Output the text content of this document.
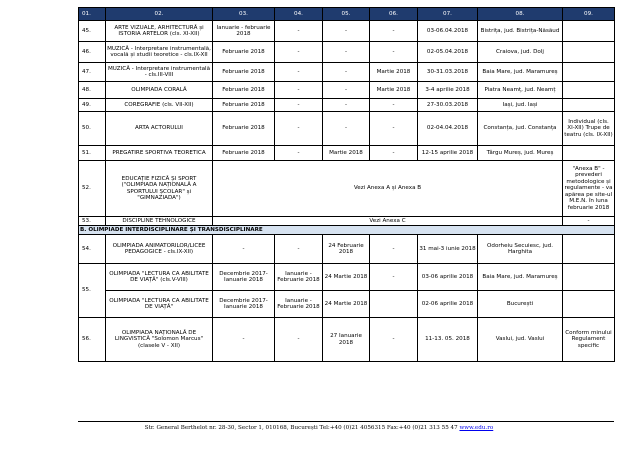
01.	02.	03.	04.	05.	06.	07.	08.	09.
45.	ARTE VIZUALE, ARHITECTURĂ și ISTORIA ARTELOR (cls. XI-XII)	Ianuarie - februarie 2018	-	-	-	03-06.04.2018	Bistrița, jud. Bistrița-Năsăud	
46.	MUZICĂ - Interpretare instrumentală, vocală și studii teoretice - cls.IX-XII	Februarie 2018	-	-	-	02-05.04.2018	Craiova, jud. Dolj	
47.	MUZICĂ - Interpretare instrumentală - cls.III-VIII	Februarie 2018	-	-	Martie 2018	30-31.03.2018	Baia Mare, jud. Maramureș	
48.	OLIMPIADA CORALĂ	Februarie 2018	-	-	Martie 2018	3-4 aprilie 2018	Piatra Neamț, jud. Neamț	
49.	COREGRAFIE (cls. VII-XII)	Februarie 2018	-	-	-	27-30.03.2018	Iași, jud. Iași	
50.	ARTA ACTORULUI	Februarie 2018	-	-	-	02-04.04.2018	Constanța, jud. Constanța	Individual (cls. XI-XII) Trupe de teatru (cls. IX-XII)
51.	PREGATIRE SPORTIVA TEORETICA	Februarie 2018	-	Martie 2018	-	12-15 aprilie 2018	Târgu Mureș, jud. Mureș	
52.	EDUCAȚIE FIZICĂ ȘI SPORT ("OLIMPIADA NAȚIONALĂ A SPORTULUI ȘCOLAR" și "GIMNAZIADA")	Vezi Anexa A și Anexa B						"Anexa B" - prevederi metodologice și regulamente - va apărea pe site-ul M.E.N. în luna februarie 2018
53.	DISCIPLINE TEHNOLOGICE	Vezi Anexa C						-
B. OLIMPIADE INTERDISCIPLINARE ȘI TRANSDISCIPLINARE								
54.	OLIMPIADA ANIMATORILOR/LICEE PEDAGOGICE - cls.IX-XII)	-	-	24 Februarie 2018	-	31 mai-3 iunie 2018	Odorheiu Secuiesc, jud. Harghita	
55.	OLIMPIADA "LECTURA CA ABILITATE DE VIAȚĂ" (cls.V-VIII)	Decembrie 2017-Ianuarie 2018	Ianuarie - Februarie 2018	24 Martie 2018	-	03-06 aprilie 2018	Baia Mare, jud. Maramureș	
	OLIMPIADA "LECTURA CA ABILITATE DE VIAȚĂ"	Decembrie 2017-Ianuarie 2018	Ianuarie - Februarie 2018	24 Martie 2018		02-06 aprilie 2018	București	
56.	OLIMPIADA NAȚIONALĂ DE LINGVISTICĂ "Solomon Marcus" (clasele V - XII)	-	-	27 Ianuarie 2018	-	11-13. 05. 2018	Vaslui, jud. Vaslui	Conform minului Regulament specific
Str. General Berthelot nr. 28-30, Sector 1, 010168, București Tel:+40 (0)21 4056315 Fax:+40 (0)21 313 55 47 www.edu.ro
